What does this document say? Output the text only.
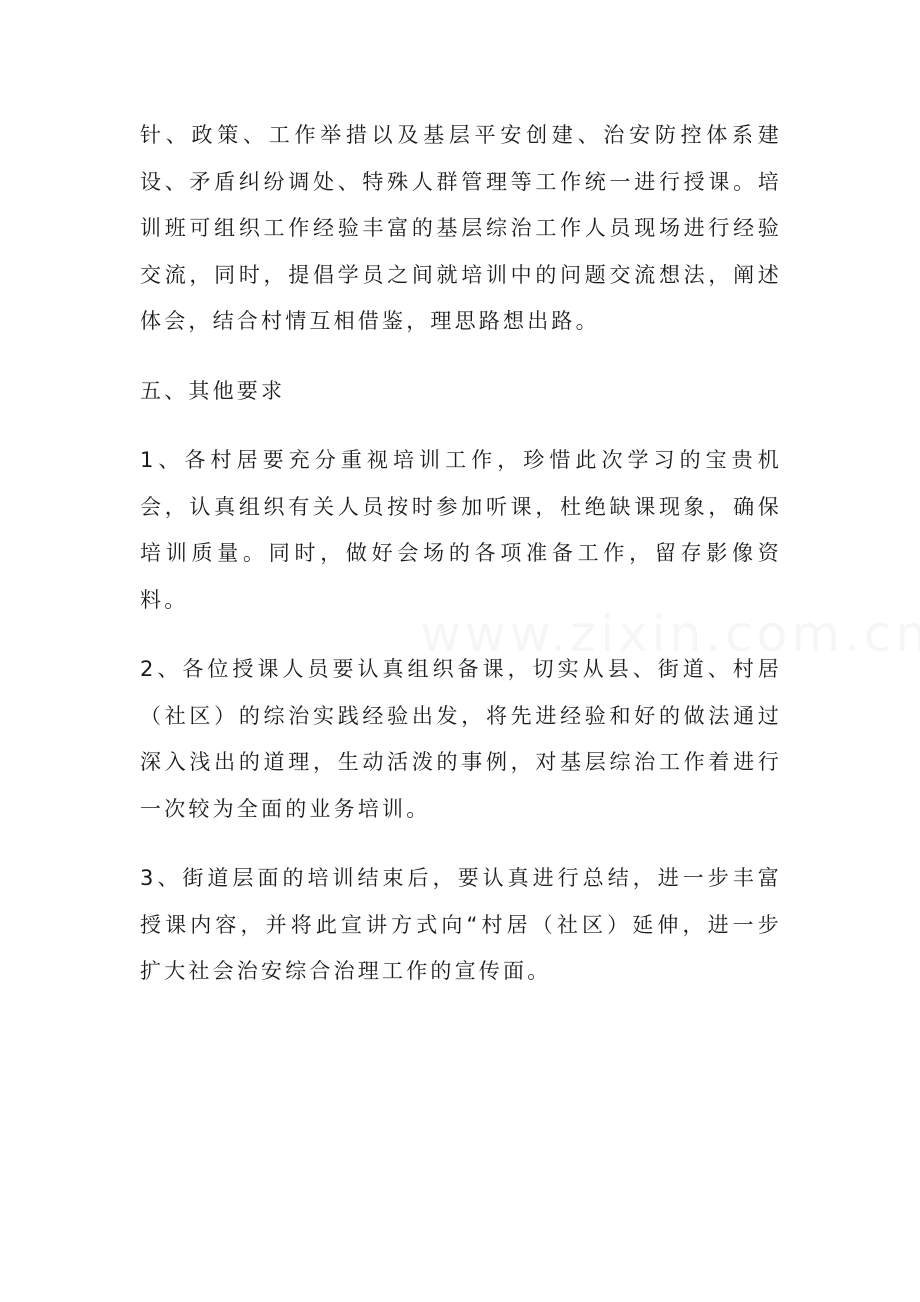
针、政策、工作举措以及基层平安创建、治安防控体系建设、矛盾纠纷调处、特殊人群管理等工作统一进行授课。培训班可组织工作经验丰富的基层综治工作人员现场进行经验交流，同时，提倡学员之间就培训中的问题交流想法，阐述体会，结合村情互相借鉴，理思路想出路。

五、其他要求

1、各村居要充分重视培训工作，珍惜此次学习的宝贵机会，认真组织有关人员按时参加听课，杜绝缺课现象，确保培训质量。同时，做好会场的各项准备工作，留存影像资料。

2、各位授课人员要认真组织备课，切实从县、街道、村居（社区）的综治实践经验出发，将先进经验和好的做法通过深入浅出的道理，生动活泼的事例，对基层综治工作着进行一次较为全面的业务培训。

3、街道层面的培训结束后，要认真进行总结，进一步丰富授课内容，并将此宣讲方式向“村居（社区）延伸，进一步扩大社会治安综合治理工作的宣传面。
